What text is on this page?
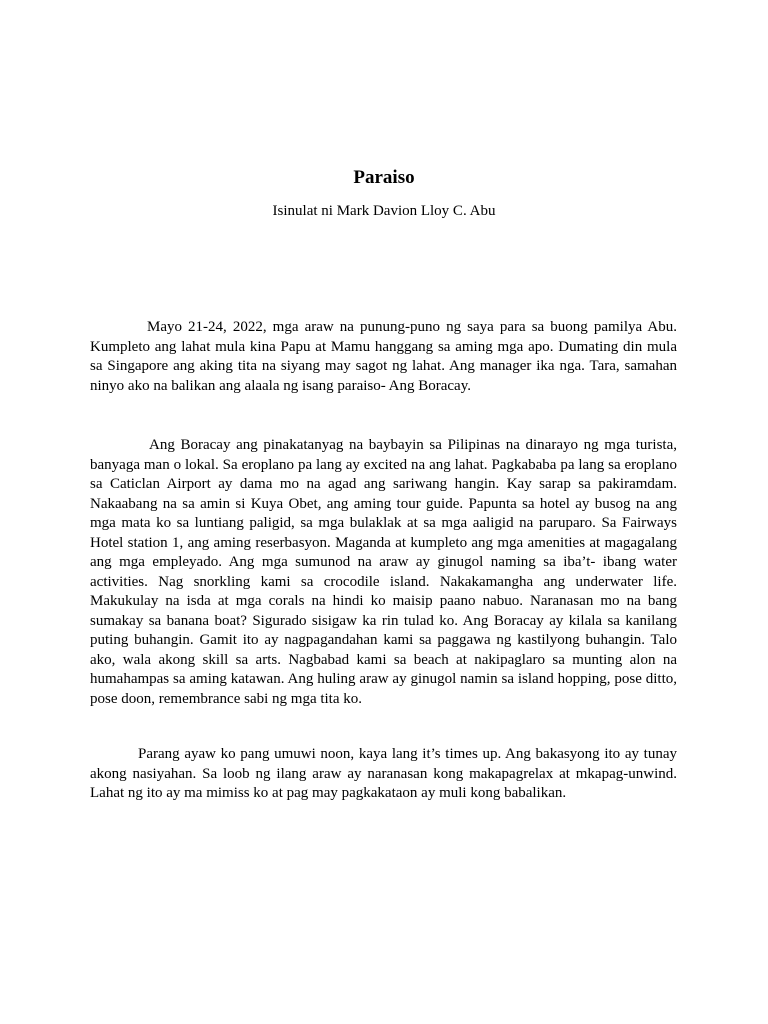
Paraiso

Isinulat ni Mark Davion Lloy C. Abu

Mayo 21-24, 2022, mga araw na punung-puno ng saya para sa buong pamilya Abu. Kumpleto ang lahat mula kina Papu at Mamu hanggang sa aming mga apo. Dumating din mula sa Singapore ang aking tita na siyang may sagot ng lahat. Ang manager ika nga. Tara, samahan ninyo ako na balikan ang alaala ng isang paraiso- Ang Boracay.

Ang Boracay ang pinakatanyag na baybayin sa Pilipinas na dinarayo ng mga turista, banyaga man o lokal. Sa eroplano pa lang ay excited na ang lahat. Pagkababa pa lang sa eroplano sa Caticlan Airport ay dama mo na agad ang sariwang hangin. Kay sarap sa pakiramdam. Nakaabang na sa amin si Kuya Obet, ang aming tour guide. Papunta sa hotel ay busog na ang mga mata ko sa luntiang paligid, sa mga bulaklak at sa mga aaligid na paruparo. Sa Fairways Hotel station 1, ang aming reserbasyon. Maganda at kumpleto ang mga amenities at magagalang ang mga empleyado. Ang mga sumunod na araw ay ginugol naming sa iba’t- ibang water activities. Nag snorkling kami sa crocodile island. Nakakamangha ang underwater life. Makukulay na isda at mga corals na hindi ko maisip paano nabuo. Naranasan mo na bang sumakay sa banana boat? Sigurado sisigaw ka rin tulad ko. Ang Boracay ay kilala sa kanilang puting buhangin. Gamit ito ay nagpagandahan kami sa paggawa ng kastilyong buhangin. Talo ako, wala akong skill sa arts. Nagbabad kami sa beach at nakipaglaro sa munting alon na humahampas sa aming katawan. Ang huling araw ay ginugol namin sa island hopping, pose ditto, pose doon, remembrance sabi ng mga tita ko.

Parang ayaw ko pang umuwi noon, kaya lang it’s times up. Ang bakasyong ito ay tunay akong nasiyahan. Sa loob ng ilang araw ay naranasan kong makapagrelax at mkapag-unwind. Lahat ng ito ay ma mimiss ko at pag may pagkakataon ay muli kong babalikan.
